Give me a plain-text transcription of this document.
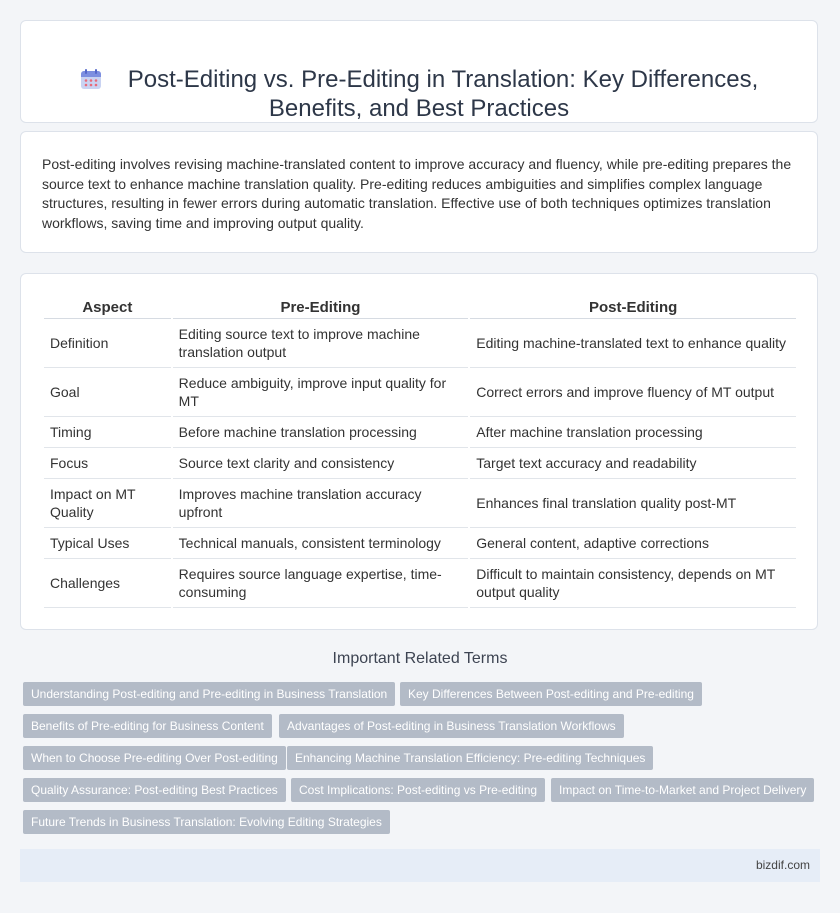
Post-Editing vs. Pre-Editing in Translation: Key Differences,
Benefits, and Best Practices

Post-editing involves revising machine-translated content to improve accuracy and fluency, while pre-editing prepares the source text to enhance machine translation quality. Pre-editing reduces ambiguities and simplifies complex language structures, resulting in fewer errors during automatic translation. Effective use of both techniques optimizes translation workflows, saving time and improving output quality.

Aspect	Pre-Editing	Post-Editing
Definition	Editing source text to improve machine translation output	Editing machine-translated text to enhance quality
Goal	Reduce ambiguity, improve input quality for MT	Correct errors and improve fluency of MT output
Timing	Before machine translation processing	After machine translation processing
Focus	Source text clarity and consistency	Target text accuracy and readability
Impact on MT Quality	Improves machine translation accuracy upfront	Enhances final translation quality post-MT
Typical Uses	Technical manuals, consistent terminology	General content, adaptive corrections
Challenges	Requires source language expertise, time-consuming	Difficult to maintain consistency, depends on MT output quality
Important Related Terms
Understanding Post-editing and Pre-editing in Business Translation	Key Differences Between Post-editing and Pre-editing
Benefits of Pre-editing for Business Content	Advantages of Post-editing in Business Translation Workflows
When to Choose Pre-editing Over Post-editing	Enhancing Machine Translation Efficiency: Pre-editing Techniques
Quality Assurance: Post-editing Best Practices	Cost Implications: Post-editing vs Pre-editing	Impact on Time-to-Market and Project Delivery
Future Trends in Business Translation: Evolving Editing Strategies
bizdif.com
